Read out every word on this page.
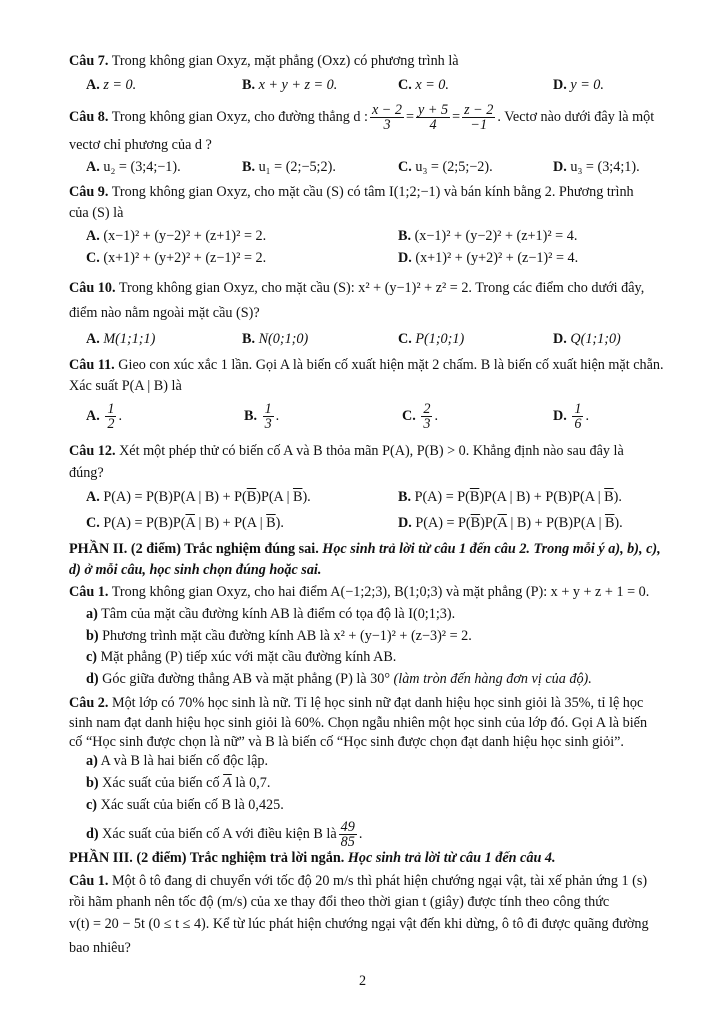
Câu 7. Trong không gian Oxyz, mặt phẳng (Oxz) có phương trình là
A. z = 0.	B. x + y + z = 0.	C. x = 0.	D. y = 0.
Câu 8. Trong không gian Oxyz, cho đường thẳng d : $\frac{x - 2}{3} = \frac{y + 5}{4} = \frac{z - 2}{-1}$ . Vectơ nào dưới đây là một
vectơ chỉ phương của d ?
A. u₂ = (3;4;−1).	B. u₁ = (2;−5;2).	C. u₃ = (2;5;−2).	D. u₃ = (3;4;1).
Câu 9. Trong không gian Oxyz, cho mặt cầu (S) có tâm I(1;2;−1) và bán kính bằng 2. Phương trình
của (S) là
A. (x−1)² + (y−2)² + (z+1)² = 2.	B. (x−1)² + (y−2)² + (z+1)² = 4.
C. (x+1)² + (y+2)² + (z−1)² = 2.	D. (x+1)² + (y+2)² + (z−1)² = 4.
Câu 10. Trong không gian Oxyz, cho mặt cầu (S): x² + (y−1)² + z² = 2. Trong các điểm cho dưới đây,
điểm nào nằm ngoài mặt cầu (S)?
A. M(1;1;1)	B. N(0;1;0)	C. P(1;0;1)	D. Q(1;1;0)
Câu 11. Gieo con xúc xắc 1 lần. Gọi A là biến cố xuất hiện mặt 2 chấm. B là biến cố xuất hiện mặt chẵn.
Xác suất P(A | B) là
A. $\frac{1}{2}$ .	B. $\frac{1}{3}$ .	C. $\frac{2}{3}$ .	D. $\frac{1}{6}$ .
Câu 12. Xét một phép thử có biến cố A và B thỏa mãn P(A), P(B) > 0. Khẳng định nào sau đây là
đúng?
A. P(A) = P(B)P(A | $B) + P(\overline{B})P(A$ | $\overline{B}$).	B. $P(A) = P(\overline{B})P(A$ | B) + P(B)P(A | $\overline{B}$).
C. $P(A) = P(B)P(\overline{A}$ | B) + P(A | $\overline{B}$).	D. $P(A) = P(\overline{B})P(\overline{A}$ | B) + P(B)P(A | $\overline{B}$).
PHẦN II. (2 điểm) Trắc nghiệm đúng sai. Học sinh trả lời từ câu 1 đến câu 2. Trong mỗi ý a), b), c),
d) ở mỗi câu, học sinh chọn đúng hoặc sai.
Câu 1. Trong không gian Oxyz, cho hai điểm A(−1;2;3), B(1;0;3) và mặt phẳng (P): x + y + z + 1 = 0.
a) Tâm của mặt cầu đường kính AB là điểm có tọa độ là I(0;1;3).
b) Phương trình mặt cầu đường kính AB là x² + (y−1)² + (z−3)² = 2.
c) Mặt phẳng (P) tiếp xúc với mặt cầu đường kính AB.
d) Góc giữa đường thẳng AB và mặt phẳng (P) là 30° (làm tròn đến hàng đơn vị của độ).
Câu 2. Một lớp có 70% học sinh là nữ. Tỉ lệ học sinh nữ đạt danh hiệu học sinh giỏi là 35%, tỉ lệ học
sinh nam đạt danh hiệu học sinh giỏi là 60%. Chọn ngẫu nhiên một học sinh của lớp đó. Gọi A là biến
cố “Học sinh được chọn là nữ” và B là biến cố “Học sinh được chọn đạt danh hiệu học sinh giỏi”.
a) A và B là hai biến cố độc lập.
b) Xác suất của biến cố $\overline{A}$ là 0,7.
c) Xác suất của biến cố B là 0,425.
d) Xác suất của biến cố A với điều kiện B là $\frac{49}{85}$ .
PHẦN III. (2 điểm) Trắc nghiệm trả lời ngắn. Học sinh trả lời từ câu 1 đến câu 4.
Câu 1. Một ô tô đang di chuyển với tốc độ 20 m/s thì phát hiện chướng ngại vật, tài xế phản ứng 1 (s)
rồi hãm phanh nên tốc độ (m/s) của xe thay đổi theo thời gian t (giây) được tính theo công thức
v(t) = 20 − 5t (0 ≤ t ≤ 4). Kể từ lúc phát hiện chướng ngại vật đến khi dừng, ô tô đi được quãng đường
bao nhiêu?
2
